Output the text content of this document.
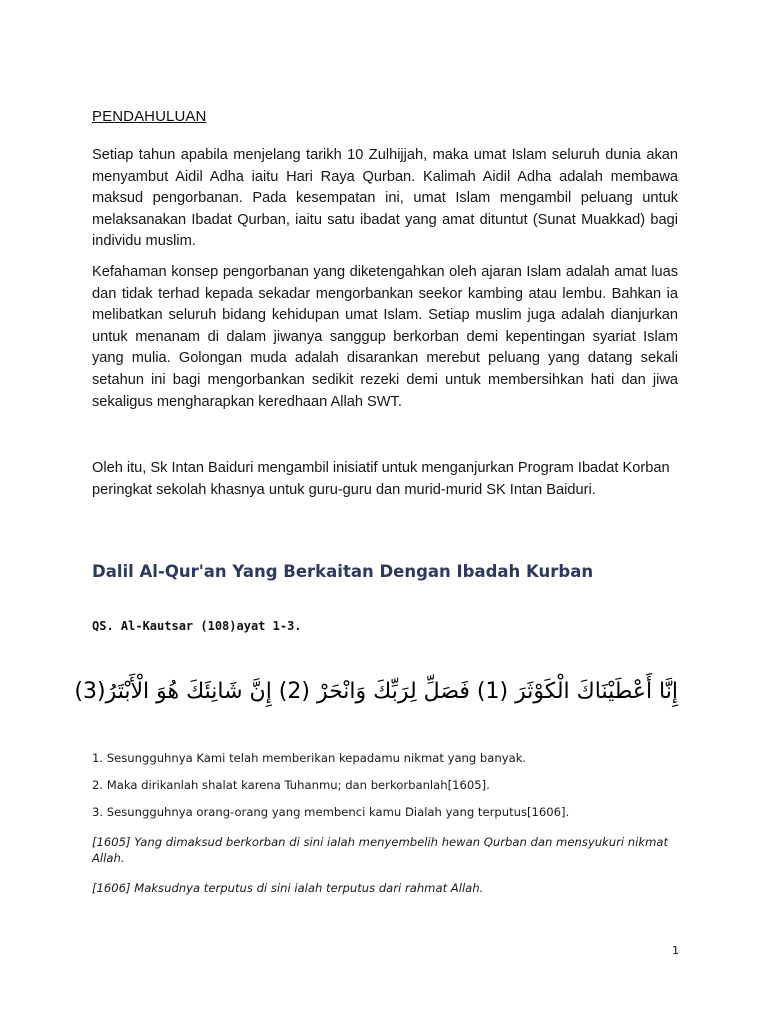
PENDAHULUAN
Setiap tahun apabila menjelang tarikh 10 Zulhijjah, maka umat Islam seluruh dunia akan menyambut Aidil Adha iaitu Hari Raya Qurban. Kalimah Aidil Adha adalah membawa maksud pengorbanan. Pada kesempatan ini, umat Islam mengambil peluang untuk melaksanakan Ibadat Qurban, iaitu satu ibadat yang amat dituntut (Sunat Muakkad) bagi individu muslim.
Kefahaman konsep pengorbanan yang diketengahkan oleh ajaran Islam adalah amat luas dan tidak terhad kepada sekadar mengorbankan seekor kambing atau lembu. Bahkan ia melibatkan seluruh bidang kehidupan umat Islam. Setiap muslim juga adalah dianjurkan untuk menanam di dalam jiwanya sanggup berkorban demi kepentingan syariat Islam yang mulia. Golongan muda adalah disarankan merebut peluang yang datang sekali setahun ini bagi mengorbankan sedikit rezeki demi untuk membersihkan hati dan jiwa sekaligus mengharapkan keredhaan Allah SWT.
Oleh itu, Sk Intan Baiduri mengambil inisiatif untuk menganjurkan Program Ibadat Korban peringkat sekolah khasnya untuk guru-guru dan murid-murid SK Intan Baiduri.
Dalil Al-Qur'an Yang Berkaitan Dengan Ibadah Kurban
QS. Al-Kautsar (108)ayat 1-3.
إِنَّا أَعْطَيْنَاكَ الْكَوْثَرَ (1) فَصَلِّ لِرَبِّكَ وَانْحَرْ (2) إِنَّ شَانِئَكَ هُوَ الْأَبْتَرُ(3)
1. Sesungguhnya Kami telah memberikan kepadamu nikmat yang banyak.
2. Maka dirikanlah shalat karena Tuhanmu; dan berkorbanlah[1605].
3. Sesungguhnya orang-orang yang membenci kamu Dialah yang terputus[1606].
[1605] Yang dimaksud berkorban di sini ialah menyembelih hewan Qurban dan mensyukuri nikmat Allah.
[1606] Maksudnya terputus di sini ialah terputus dari rahmat Allah.
1
